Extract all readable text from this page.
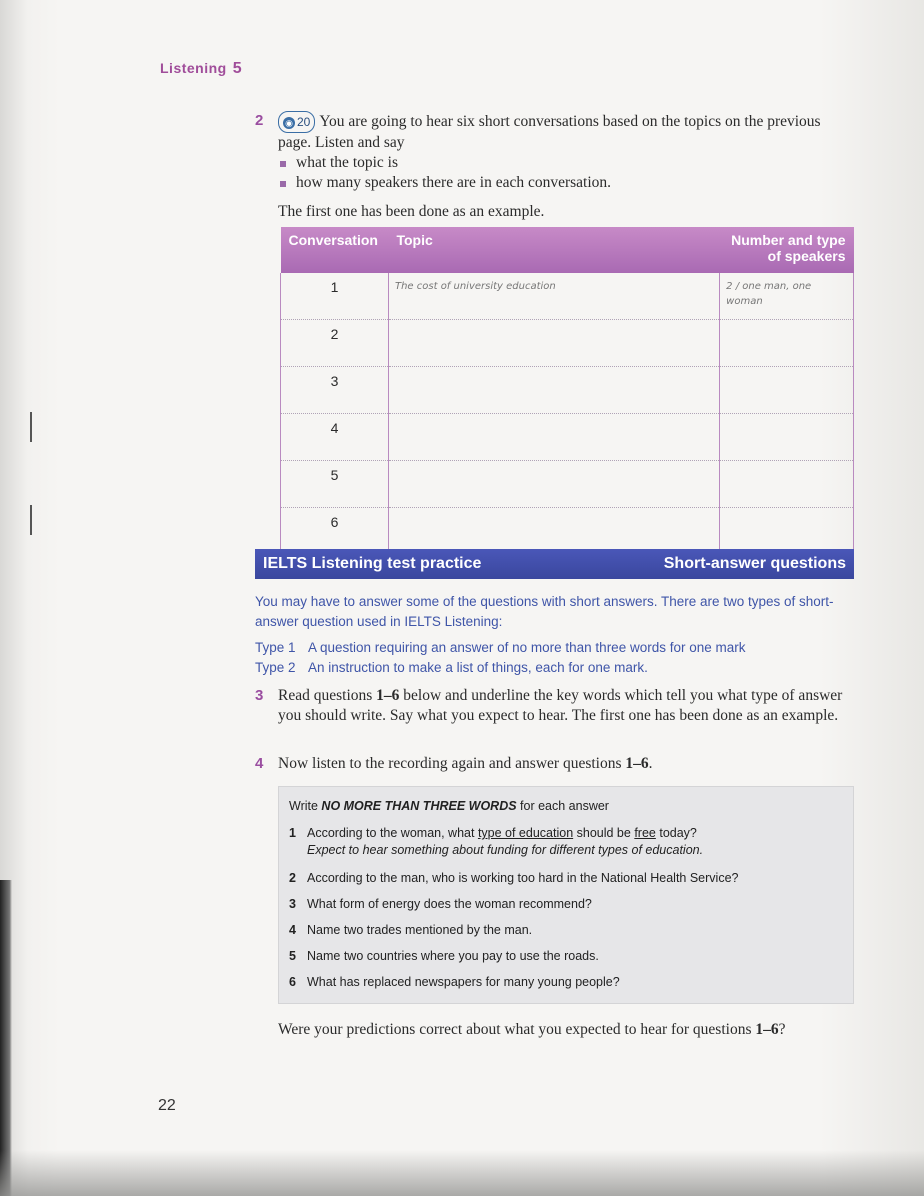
Listening 5
2	◉ 20 You are going to hear six short conversations based on the topics on the previous page. Listen and say
what the topic is
how many speakers there are in each conversation.
The first one has been done as an example.
Conversation	Topic	Number and type of speakers
1	The cost of university education	2 / one man, one woman

2		
3		
4		
5		
6		
IELTS Listening test practice	Short-answer questions
You may have to answer some of the questions with short answers. There are two types of short-answer question used in IELTS Listening:
Type 1 A question requiring an answer of no more than three words for one mark
Type 2 An instruction to make a list of things, each for one mark.
3 Read questions 1–6 below and underline the key words which tell you what type of answer you should write. Say what you expect to hear. The first one has been done as an example.
4 Now listen to the recording again and answer questions 1–6.
Write NO MORE THAN THREE WORDS for each answer
1 According to the woman, what type of education should be free today?
Expect to hear something about funding for different types of education.
2 According to the man, who is working too hard in the National Health Service?
3 What form of energy does the woman recommend?
4 Name two trades mentioned by the man.
5 Name two countries where you pay to use the roads.
6 What has replaced newspapers for many young people?
Were your predictions correct about what you expected to hear for questions 1–6?
22
